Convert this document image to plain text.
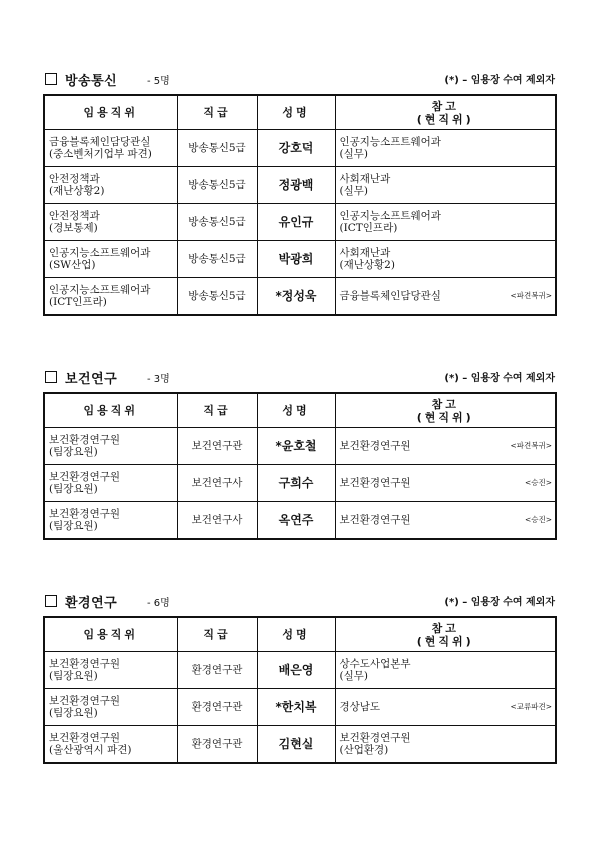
방송통신	- 5명	(*) – 임용장 수여 제외자
임용직위	직급	성명	참고
(현직위)

금융블록체인담당관실
(중소벤처기업부 파견)	방송통신5급	강호덕	인공지능소프트웨어과
(실무)

안전정책과
(재난상황2)	방송통신5급	정광백	사회재난과
(실무)

안전정책과
(경보통제)	방송통신5급	유인규	인공지능소프트웨어과
(ICT인프라)

인공지능소프트웨어과
(SW산업)	방송통신5급	박광희	사회재난과
(재난상황2)

인공지능소프트웨어과
(ICT인프라)	방송통신5급	*정성욱	금융블록체인담당관실 <파견복귀>
보건연구	- 3명	(*) – 임용장 수여 제외자
임용직위	직급	성명	참고
(현직위)

보건환경연구원
(팀장요원)	보건연구관	*윤호철	보건환경연구원 <파견복귀>

보건환경연구원
(팀장요원)	보건연구사	구희수	보건환경연구원 <승진>

보건환경연구원
(팀장요원)	보건연구사	옥연주	보건환경연구원 <승진>
환경연구	- 6명	(*) – 임용장 수여 제외자
임용직위	직급	성명	참고
(현직위)

보건환경연구원
(팀장요원)	환경연구관	배은영	상수도사업본부
(실무)

보건환경연구원
(팀장요원)	환경연구관	*한치복	경상남도 <교류파견>

보건환경연구원
(울산광역시 파견)	환경연구관	김현실	보건환경연구원
(산업환경)
